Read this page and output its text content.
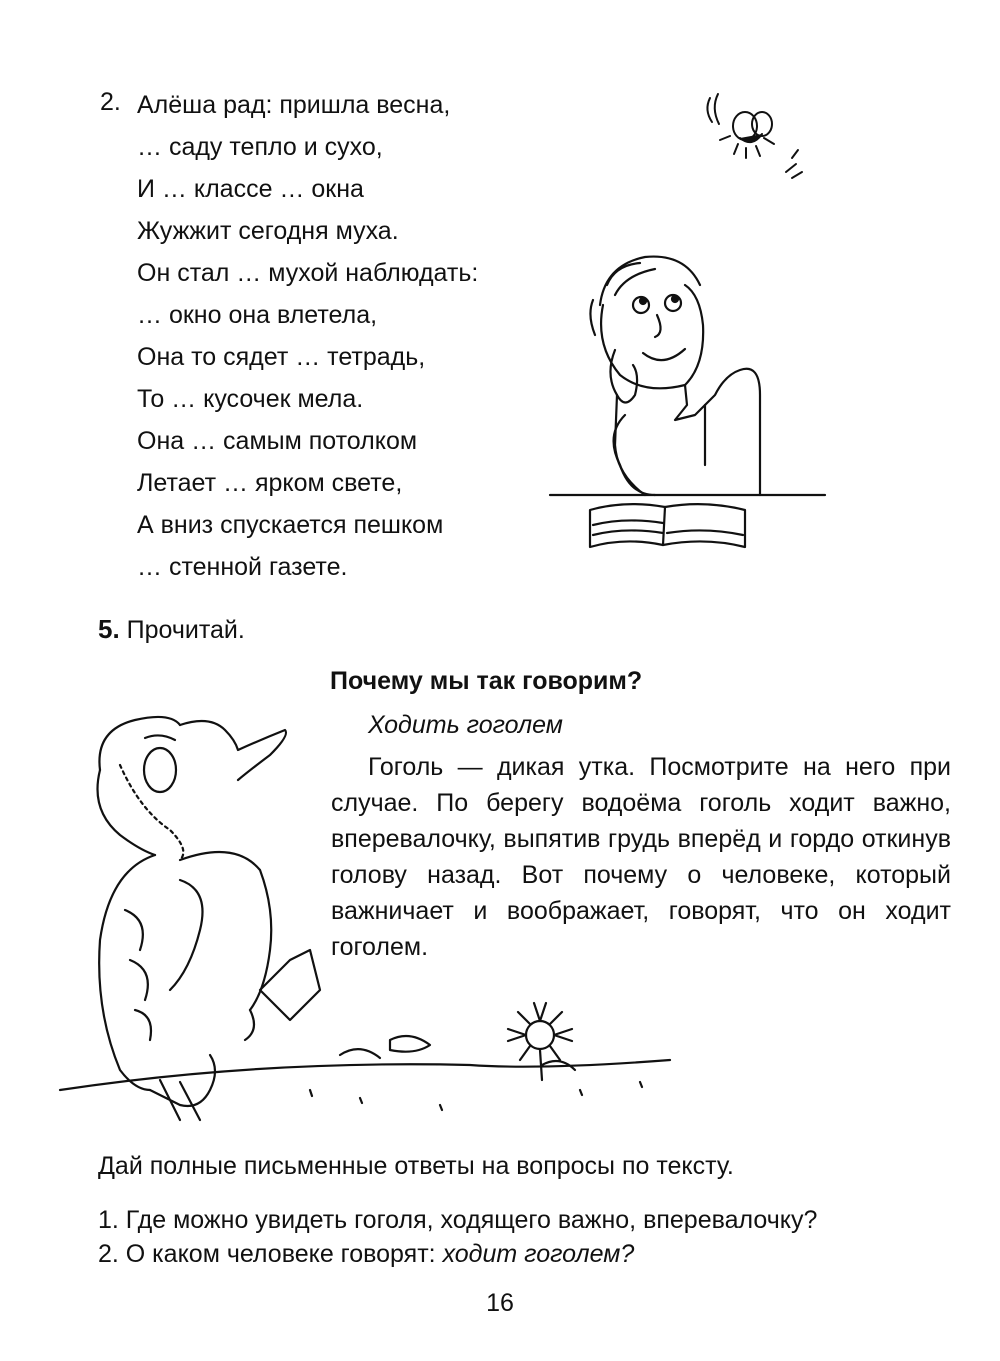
2. Алёша рад: пришла весна,
… саду тепло и сухо,
И … классе … окна
Жужжит сегодня муха.
Он стал … мухой наблюдать:
… окно она влетела,
Она то сядет … тетрадь,
То … кусочек мела.
Она … самым потолком
Летает … ярком свете,
А вниз спускается пешком
… стенной газете.
5. Прочитай.
Почему мы так говорим?
Ходить гоголем

Гоголь — дикая утка. Посмотрите на него при случае. По берегу водоёма гоголь ходит важно, вперевалочку, выпятив грудь вперёд и гордо откинув голову назад. Вот почему о человеке, который важничает и воображает, говорят, что он ходит гоголем.

Дай полные письменные ответы на вопросы по тексту.
1. Где можно увидеть гоголя, ходящего важно, вперевалочку?
2. О каком человеке говорят: ходит гоголем?
16
